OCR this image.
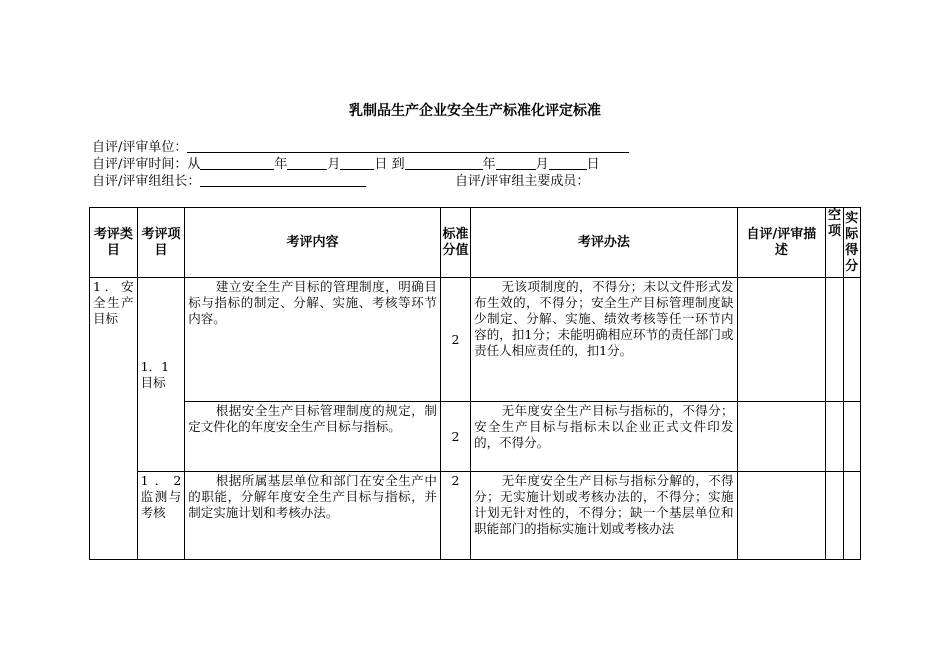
乳制品生产企业安全生产标准化评定标准
自评/评审单位：
自评/评审时间：从	年	月	日 到	年	月	日
自评/评审组组长：	自评/评审组主要成员：
考评类目	考评项目	考评内容	标准分值	考评办法	自评/评审描述	空项	实际得分
1．安全生产目标	1．1目标	建立安全生产目标的管理制度，明确目标与指标的制定、分解、实施、考核等环节内容。	2	无该项制度的，不得分；未以文件形式发布生效的，不得分；安全生产目标管理制度缺少制定、分解、实施、绩效考核等任一环节内容的，扣1分；未能明确相应环节的责任部门或责任人相应责任的，扣1分。			
		根据安全生产目标管理制度的规定，制定文件化的年度安全生产目标与指标。	2	无年度安全生产目标与指标的，不得分；安全生产目标与指标未以企业正式文件印发的，不得分。			
	1．2监测与考核	根据所属基层单位和部门在安全生产中的职能，分解年度安全生产目标与指标，并制定实施计划和考核办法。	2	无年度安全生产目标与指标分解的，不得分；无实施计划或考核办法的，不得分；实施计划无针对性的，不得分；缺一个基层单位和职能部门的指标实施计划或考核办法			
